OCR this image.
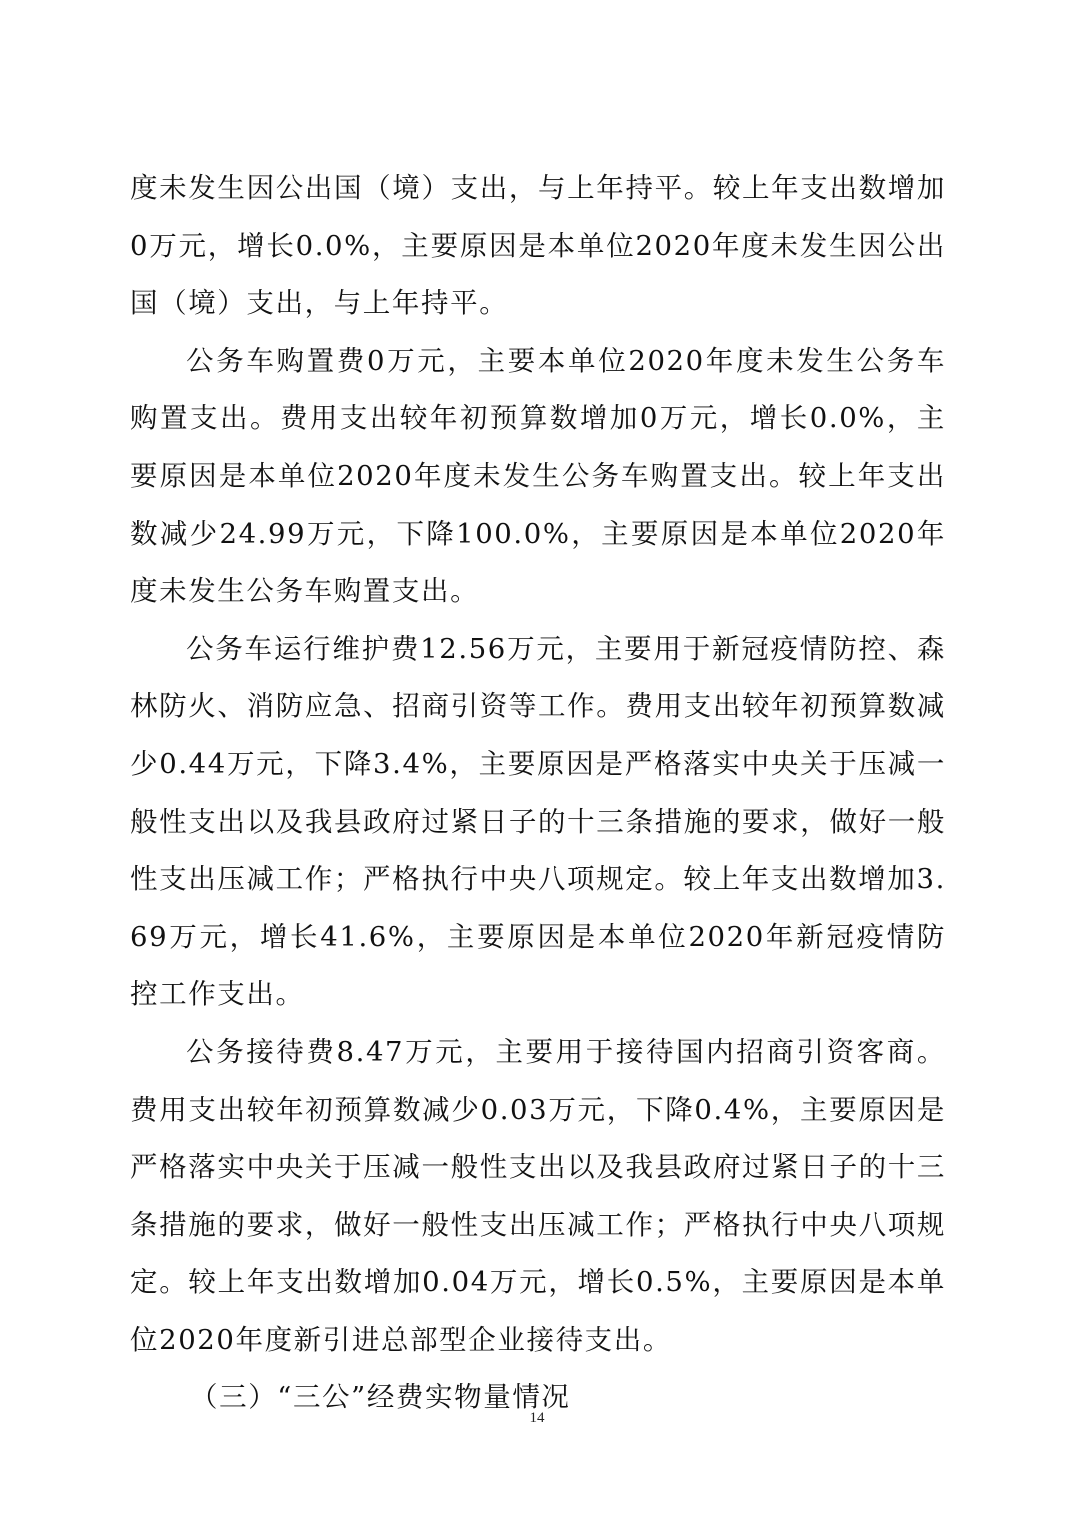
度未发生因公出国（境）支出，与上年持平。较上年支出数增加0万元，增长0.0%，主要原因是本单位2020年度未发生因公出国（境）支出，与上年持平。

公务车购置费0万元，主要本单位2020年度未发生公务车购置支出。费用支出较年初预算数增加0万元，增长0.0%，主要原因是本单位2020年度未发生公务车购置支出。较上年支出数减少24.99万元，下降100.0%，主要原因是本单位2020年度未发生公务车购置支出。

公务车运行维护费12.56万元，主要用于新冠疫情防控、森林防火、消防应急、招商引资等工作。费用支出较年初预算数减少0.44万元，下降3.4%，主要原因是严格落实中央关于压减一般性支出以及我县政府过紧日子的十三条措施的要求，做好一般性支出压减工作；严格执行中央八项规定。较上年支出数增加3.69万元，增长41.6%，主要原因是本单位2020年新冠疫情防控工作支出。

公务接待费8.47万元，主要用于接待国内招商引资客商。费用支出较年初预算数减少0.03万元，下降0.4%，主要原因是严格落实中央关于压减一般性支出以及我县政府过紧日子的十三条措施的要求，做好一般性支出压减工作；严格执行中央八项规定。较上年支出数增加0.04万元，增长0.5%，主要原因是本单位2020年度新引进总部型企业接待支出。

（三）“三公”经费实物量情况

14
